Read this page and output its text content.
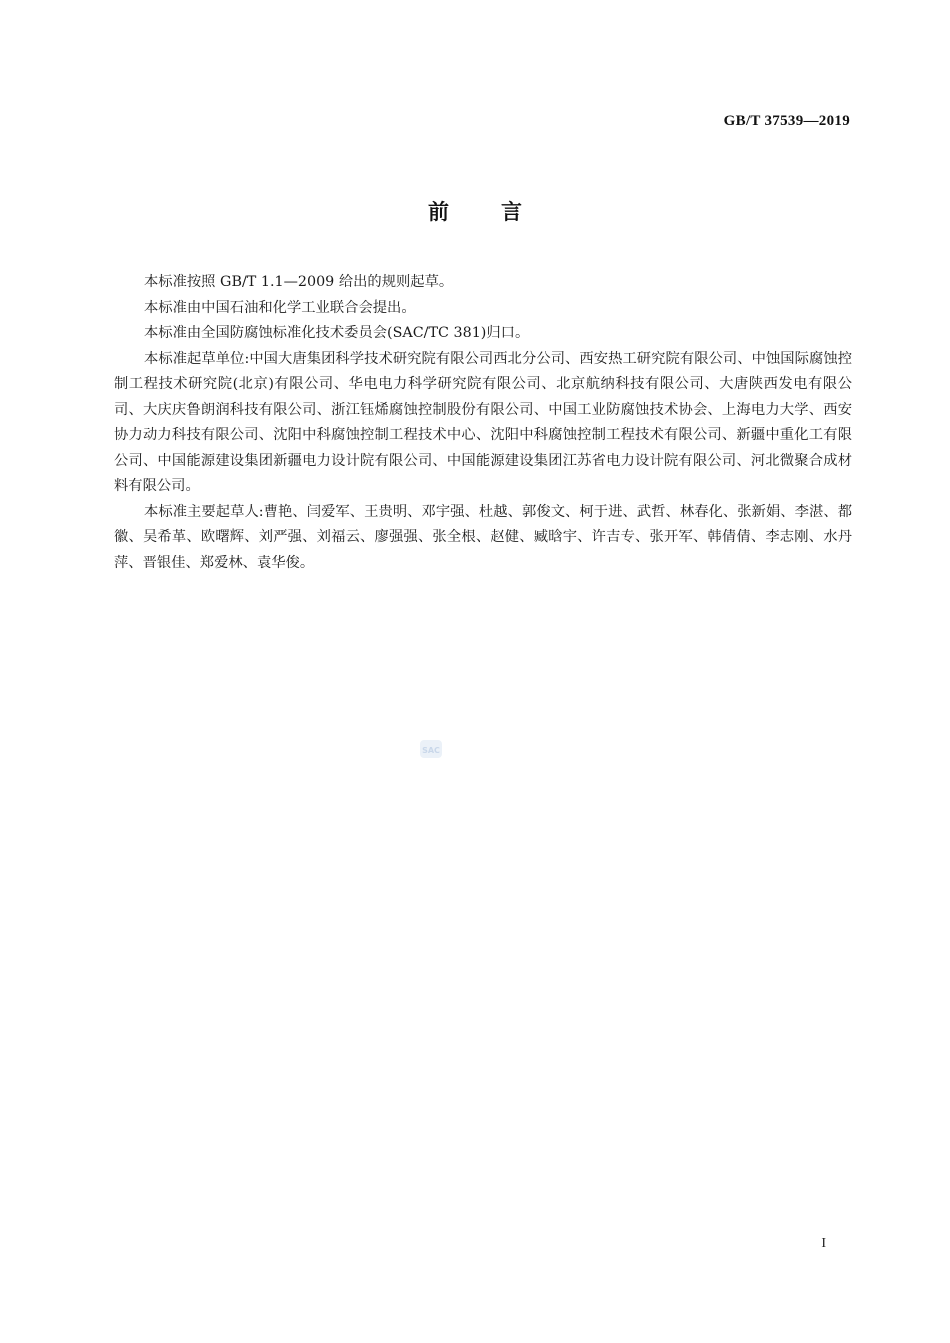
GB/T 37539—2019
前言

本标准按照 GB/T 1.1—2009 给出的规则起草。

本标准由中国石油和化学工业联合会提出。

本标准由全国防腐蚀标准化技术委员会(SAC/TC 381)归口。

本标准起草单位:中国大唐集团科学技术研究院有限公司西北分公司、西安热工研究院有限公司、中蚀国际腐蚀控制工程技术研究院(北京)有限公司、华电电力科学研究院有限公司、北京航纳科技有限公司、大唐陕西发电有限公司、大庆庆鲁朗润科技有限公司、浙江钰烯腐蚀控制股份有限公司、中国工业防腐蚀技术协会、上海电力大学、西安协力动力科技有限公司、沈阳中科腐蚀控制工程技术中心、沈阳中科腐蚀控制工程技术有限公司、新疆中重化工有限公司、中国能源建设集团新疆电力设计院有限公司、中国能源建设集团江苏省电力设计院有限公司、河北微聚合成材料有限公司。

本标准主要起草人:曹艳、闫爱军、王贵明、邓宇强、杜越、郭俊文、柯于进、武哲、林春化、张新娟、李湛、都徽、吴希革、欧曙辉、刘严强、刘福云、廖强强、张全根、赵健、臧晗宇、许吉专、张开军、韩倩倩、李志刚、水丹萍、晋银佳、郑爱林、袁华俊。

SAC
I
